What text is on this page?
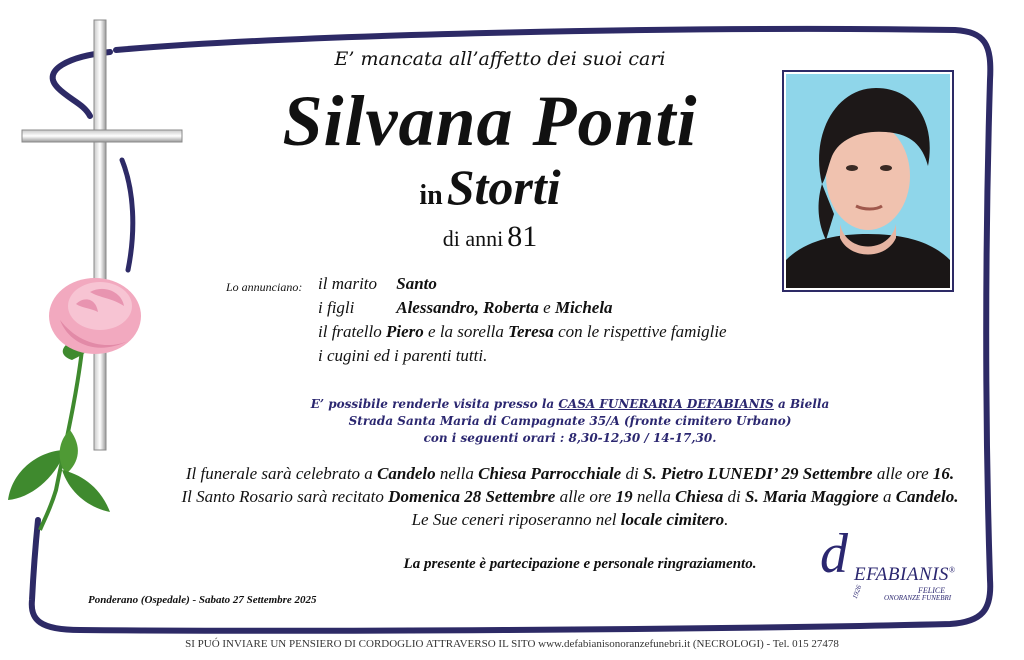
E’ mancata all’affetto dei suoi cari
Silvana Ponti
in Storti
di anni 81
Lo annunciano: il marito Santo
i figli Alessandro, Roberta e Michela
il fratello Piero e la sorella Teresa con le rispettive famiglie
i cugini ed i parenti tutti.
E’ possibile renderle visita presso la CASA FUNERARIA DEFABIANIS a Biella
Strada Santa Maria di Campagnate 35/A (fronte cimitero Urbano)
con i seguenti orari : 8,30-12,30 / 14-17,30.
Il funerale sarà celebrato a Candelo nella Chiesa Parrocchiale di S. Pietro LUNEDI’ 29 Settembre alle ore 16.
Il Santo Rosario sarà recitato Domenica 28 Settembre alle ore 19 nella Chiesa di S. Maria Maggiore a Candelo.
Le Sue ceneri riposeranno nel locale cimitero.
La presente è partecipazione e personale ringraziamento.
Ponderano (Ospedale) - Sabato 27 Settembre 2025
d EFABIANIS®
FELICE
ONORANZE FUNEBRI
1926
SI PUÓ INVIARE UN PENSIERO DI CORDOGLIO ATTRAVERSO IL SITO www.defabianisonoranzefunebri.it (NECROLOGI) - Tel. 015 27478
